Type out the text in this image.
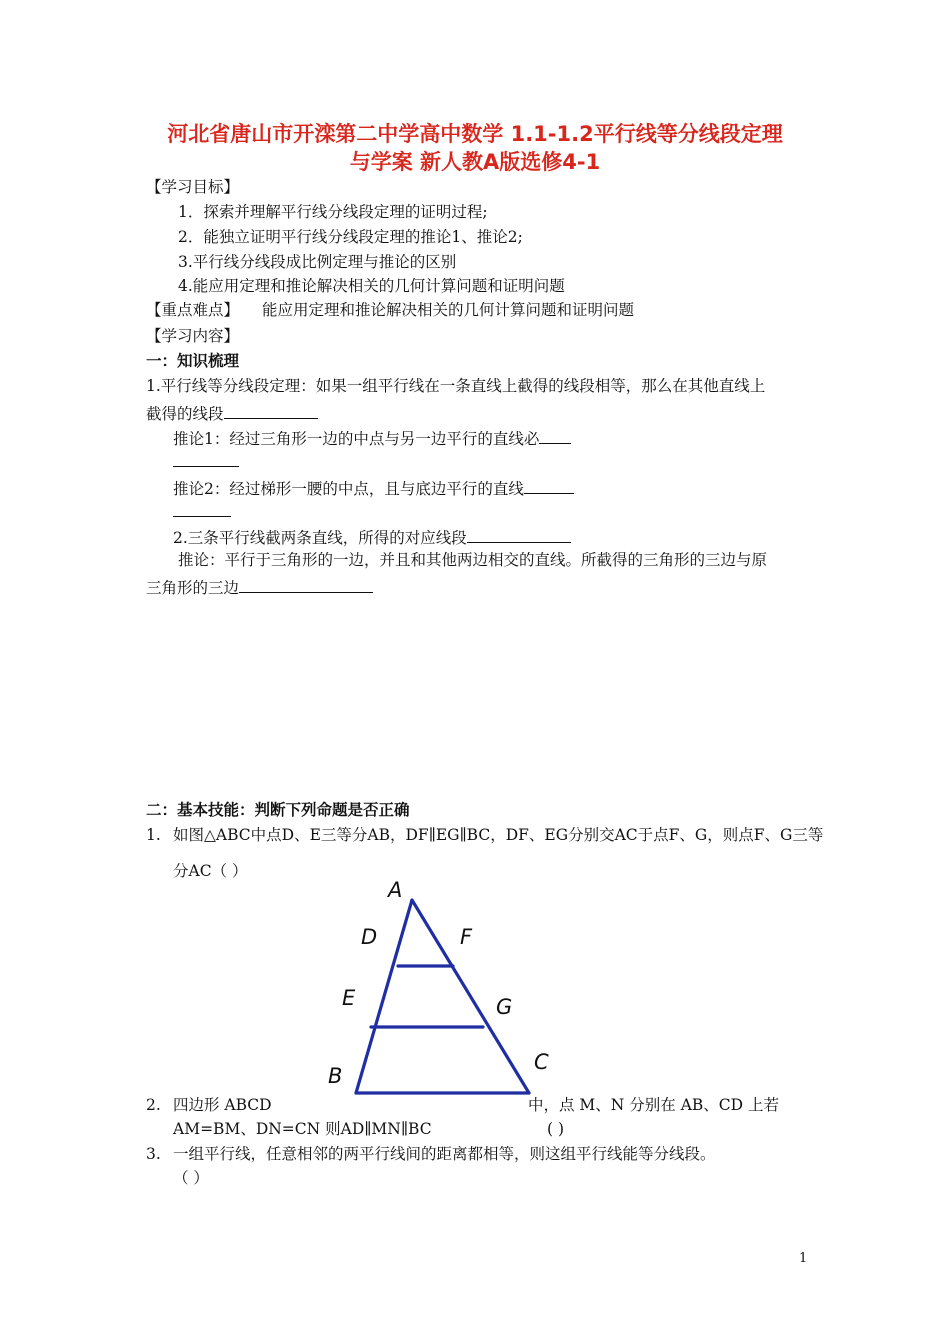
河北省唐山市开滦第二中学高中数学 1.1-1.2平行线等分线段定理
与学案 新人教A版选修4-1
【学习目标】
1．探索并理解平行线分线段定理的证明过程;
2．能独立证明平行线分线段定理的推论1、推论2;
3.平行线分线段成比例定理与推论的区别
4.能应用定理和推论解决相关的几何计算问题和证明问题
【重点难点】 能应用定理和推论解决相关的几何计算问题和证明问题
【学习内容】
一：知识梳理
1.平行线等分线段定理：如果一组平行线在一条直线上截得的线段相等，那么在其他直线上
截得的线段
推论1：经过三角形一边的中点与另一边平行的直线必
推论2：经过梯形一腰的中点，且与底边平行的直线
2.三条平行线截两条直线，所得的对应线段
推论：平行于三角形的一边，并且和其他两边相交的直线。所截得的三角形的三边与原
三角形的三边
二：基本技能：判断下列命题是否正确
1. 如图△ABC中点D、E三等分AB，DF∥EG∥BC，DF、EG分别交AC于点F、G，则点F、G三等
分AC（ ）
A
D	F
E	G
B
C
2. 四边形 ABCD	中，点 M、N 分别在 AB、CD 上若
AM=BM、DN=CN 则AD∥MN∥BC	( )
3. 一组平行线，任意相邻的两平行线间的距离都相等，则这组平行线能等分线段。
（ ）
1
